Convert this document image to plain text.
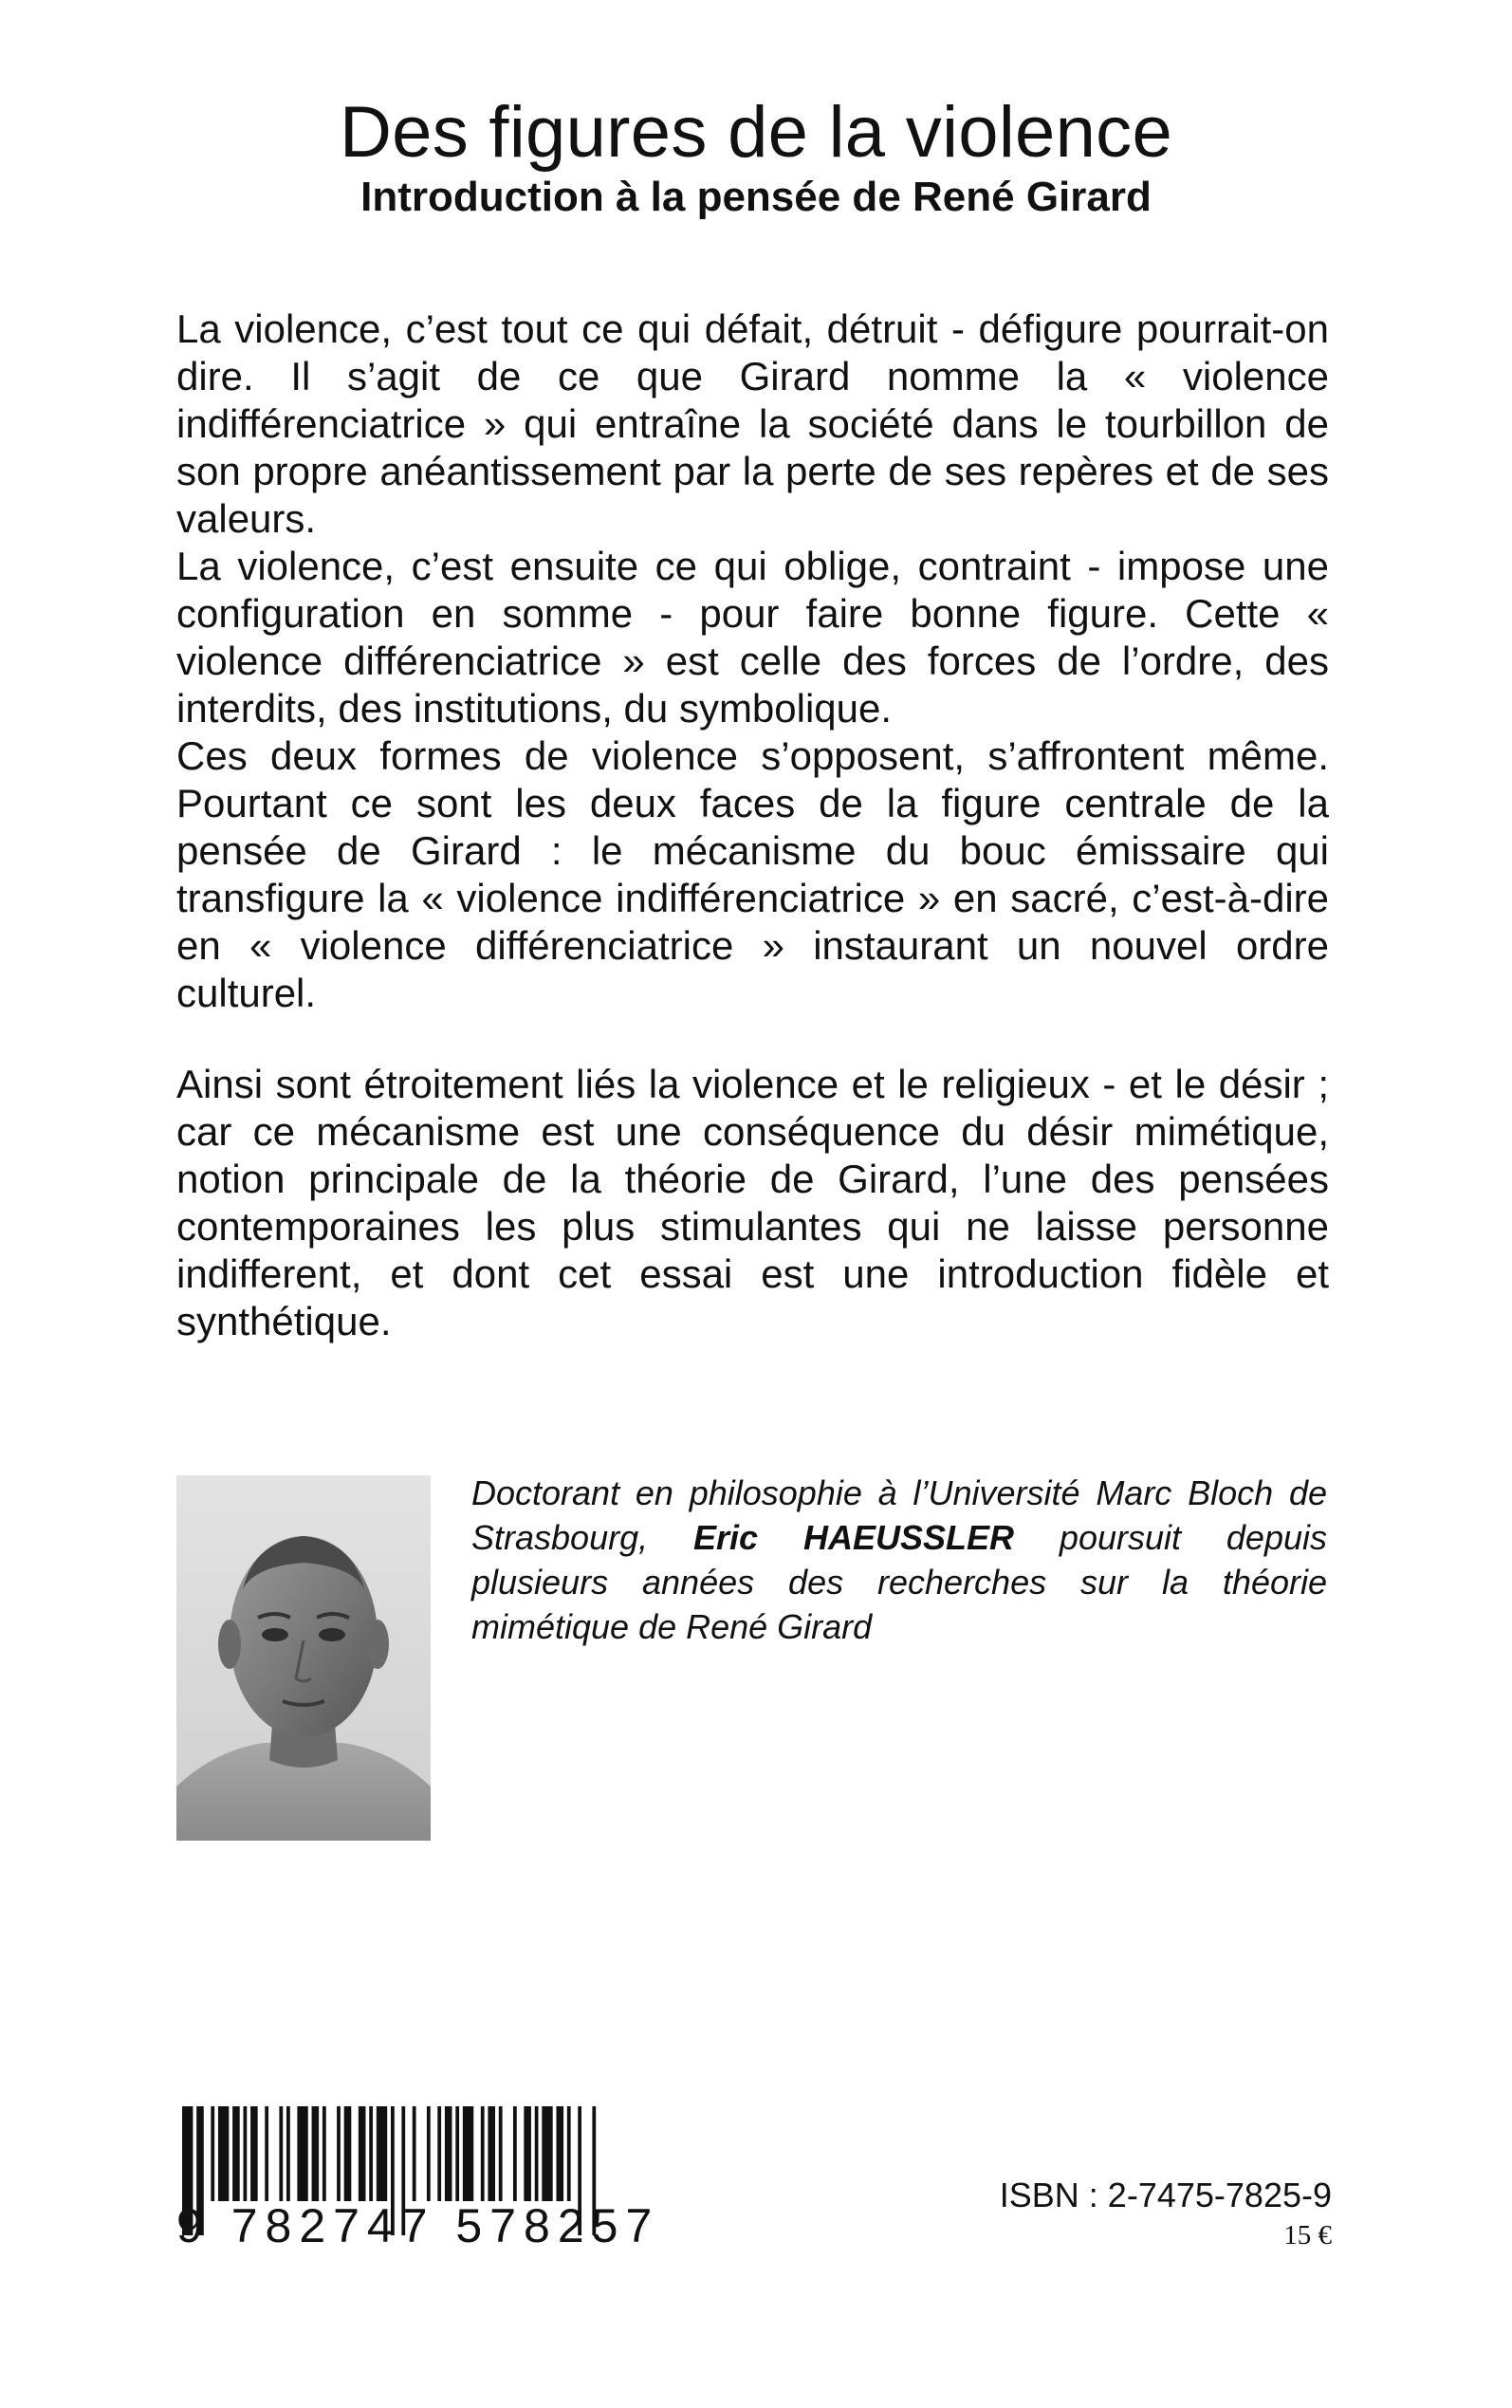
Des figures de la violence
Introduction à la pensée de René Girard

La violence, c’est tout ce qui défait, détruit - défigure pourrait-on dire. Il s’agit de ce que Girard nomme la « violence indifférenciatrice » qui entraîne la société dans le tourbillon de son propre anéantissement par la perte de ses repères et de ses valeurs.

La violence, c’est ensuite ce qui oblige, contraint - impose une configuration en somme - pour faire bonne figure. Cette « violence différenciatrice » est celle des forces de l’ordre, des interdits, des institutions, du symbolique.

Ces deux formes de violence s’opposent, s’affrontent même. Pourtant ce sont les deux faces de la figure centrale de la pensée de Girard : le mécanisme du bouc émissaire qui transfigure la « violence indifférenciatrice » en sacré, c’est-à-dire en « violence différenciatrice » instaurant un nouvel ordre culturel.

Ainsi sont étroitement liés la violence et le religieux - et le désir ; car ce mécanisme est une conséquence du désir mimétique, notion principale de la théorie de Girard, l’une des pensées contemporaines les plus stimulantes qui ne laisse personne indifferent, et dont cet essai est une introduction fidèle et synthétique.

Doctorant en philosophie à l’Université Marc Bloch de Strasbourg, Eric HAEUSSLER poursuit depuis plusieurs années des recherches sur la théorie mimétique de René Girard

9 782747 578257

ISBN : 2-7475-7825-9

15 €
